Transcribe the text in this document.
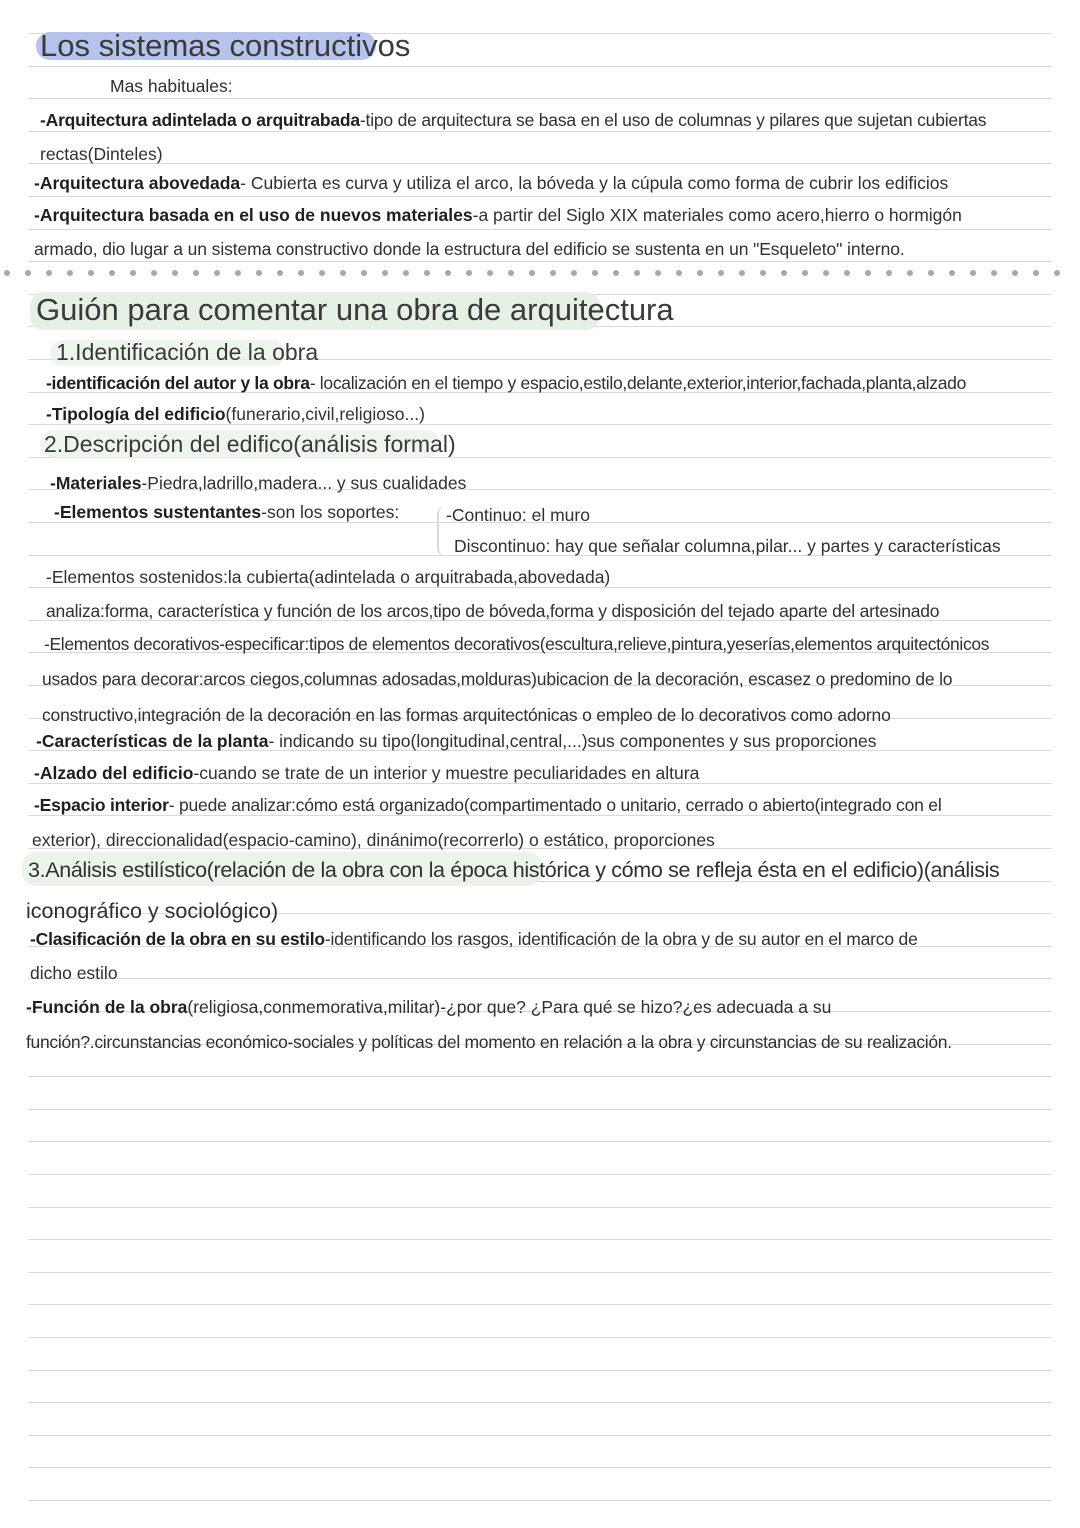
Los sistemas constructivos
Mas habituales:
-Arquitectura adintelada o arquitrabada-tipo de arquitectura se basa en el uso de columnas y pilares que sujetan cubiertas
rectas(Dinteles)
-Arquitectura abovedada- Cubierta es curva y utiliza el arco, la bóveda y la cúpula como forma de cubrir los edificios
-Arquitectura basada en el uso de nuevos materiales-a partir del Siglo XIX materiales como acero,hierro o hormigón
armado, dio lugar a un sistema constructivo donde la estructura del edificio se sustenta en un "Esqueleto" interno.
Guión para comentar una obra de arquitectura
1.Identificación de la obra
-identificación del autor y la obra- localización en el tiempo y espacio,estilo,delante,exterior,interior,fachada,planta,alzado
-Tipología del edificio(funerario,civil,religioso...)
2.Descripción del edifico(análisis formal)
-Materiales-Piedra,ladrillo,madera... y sus cualidades
-Elementos sustentantes-son los soportes:	-Continuo: el muro
Discontinuo: hay que señalar columna,pilar... y partes y características
-Elementos sostenidos:la cubierta(adintelada o arquitrabada,abovedada)
analiza:forma, característica y función de los arcos,tipo de bóveda,forma y disposición del tejado aparte del artesinado
-Elementos decorativos-especificar:tipos de elementos decorativos(escultura,relieve,pintura,yeserías,elementos arquitectónicos
usados para decorar:arcos ciegos,columnas adosadas,molduras)ubicacion de la decoración, escasez o predomino de lo
constructivo,integración de la decoración en las formas arquitectónicas o empleo de lo decorativos como adorno
-Características de la planta- indicando su tipo(longitudinal,central,...)sus componentes y sus proporciones
-Alzado del edificio-cuando se trate de un interior y muestre peculiaridades en altura
-Espacio interior- puede analizar:cómo está organizado(compartimentado o unitario, cerrado o abierto(integrado con el
exterior), direccionalidad(espacio-camino), dinánimo(recorrerlo) o estático, proporciones
3.Análisis estilístico(relación de la obra con la época histórica y cómo se refleja ésta en el edificio)(análisis
iconográfico y sociológico)
-Clasificación de la obra en su estilo-identificando los rasgos, identificación de la obra y de su autor en el marco de
dicho estilo
-Función de la obra(religiosa,conmemorativa,militar)-¿por que? ¿Para qué se hizo?¿es adecuada a su
función?.circunstancias económico-sociales y políticas del momento en relación a la obra y circunstancias de su realización.
